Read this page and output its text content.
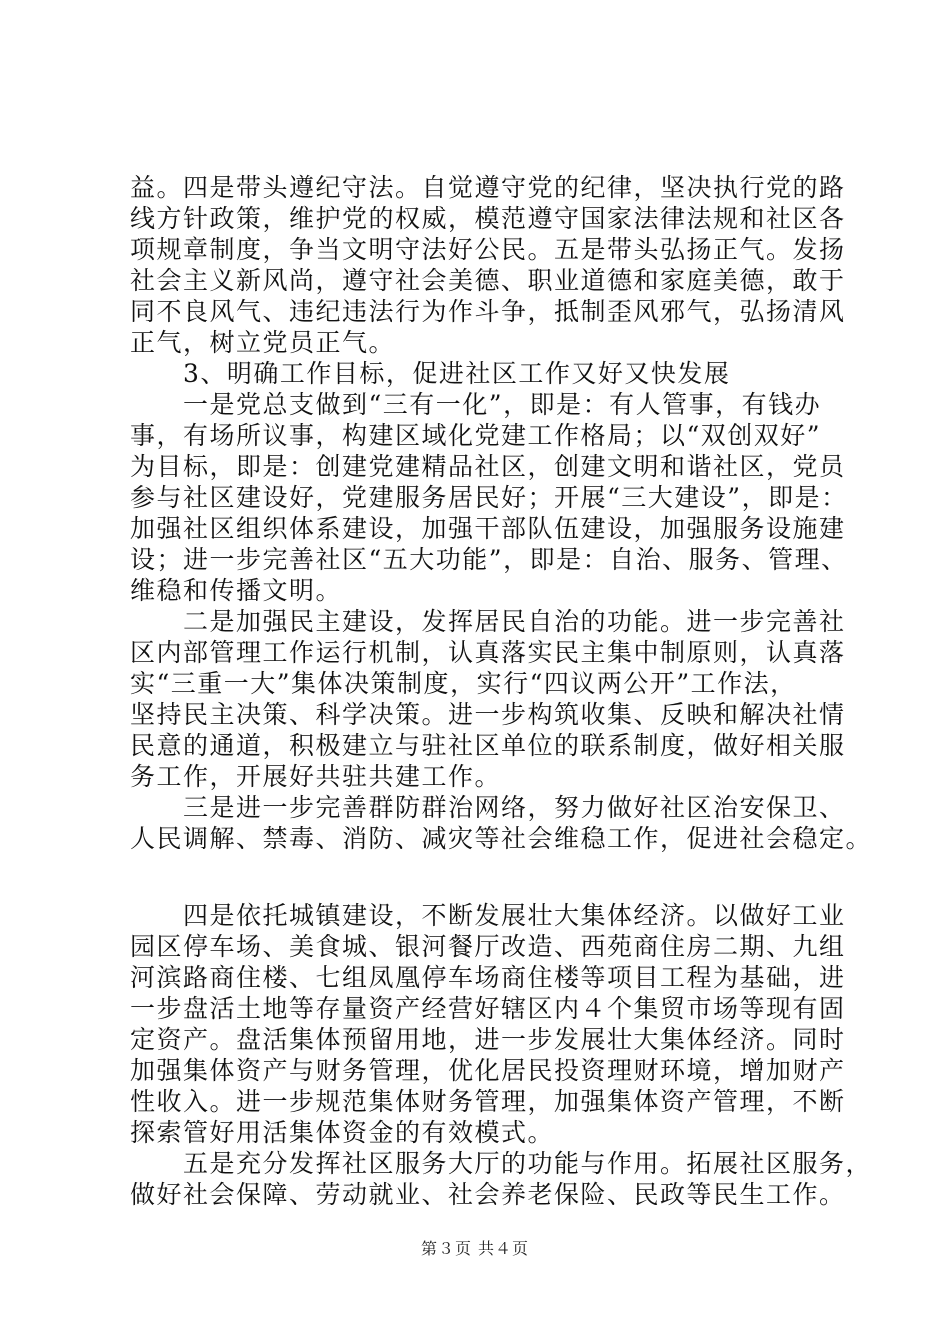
益。四是带头遵纪守法。自觉遵守党的纪律，坚决执行党的路
线方针政策，维护党的权威，模范遵守国家法律法规和社区各
项规章制度，争当文明守法好公民。五是带头弘扬正气。发扬
社会主义新风尚，遵守社会美德、职业道德和家庭美德，敢于
同不良风气、违纪违法行为作斗争，抵制歪风邪气，弘扬清风
正气，树立党员正气。
　　3、明确工作目标，促进社区工作又好又快发展
　　一是党总支做到“三有一化”，即是：有人管事，有钱办
事，有场所议事，构建区域化党建工作格局；以“双创双好”
为目标，即是：创建党建精品社区，创建文明和谐社区，党员
参与社区建设好，党建服务居民好；开展“三大建设”，即是：
加强社区组织体系建设，加强干部队伍建设，加强服务设施建
设；进一步完善社区“五大功能”，即是：自治、服务、管理、
维稳和传播文明。
　　二是加强民主建设，发挥居民自治的功能。进一步完善社
区内部管理工作运行机制，认真落实民主集中制原则，认真落
实“三重一大”集体决策制度，实行“四议两公开”工作法，
坚持民主决策、科学决策。进一步构筑收集、反映和解决社情
民意的通道，积极建立与驻社区单位的联系制度，做好相关服
务工作，开展好共驻共建工作。
　　三是进一步完善群防群治网络，努力做好社区治安保卫、
人民调解、禁毒、消防、减灾等社会维稳工作，促进社会稳定。
　　四是依托城镇建设，不断发展壮大集体经济。以做好工业
园区停车场、美食城、银河餐厅改造、西苑商住房二期、九组
河滨路商住楼、七组凤凰停车场商住楼等项目工程为基础，进
一步盘活土地等存量资产经营好辖区内４个集贸市场等现有固
定资产。盘活集体预留用地，进一步发展壮大集体经济。同时
加强集体资产与财务管理，优化居民投资理财环境，增加财产
性收入。进一步规范集体财务管理，加强集体资产管理，不断
探索管好用活集体资金的有效模式。
　　五是充分发挥社区服务大厅的功能与作用。拓展社区服务，
做好社会保障、劳动就业、社会养老保险、民政等民生工作。
第３页 共４页
